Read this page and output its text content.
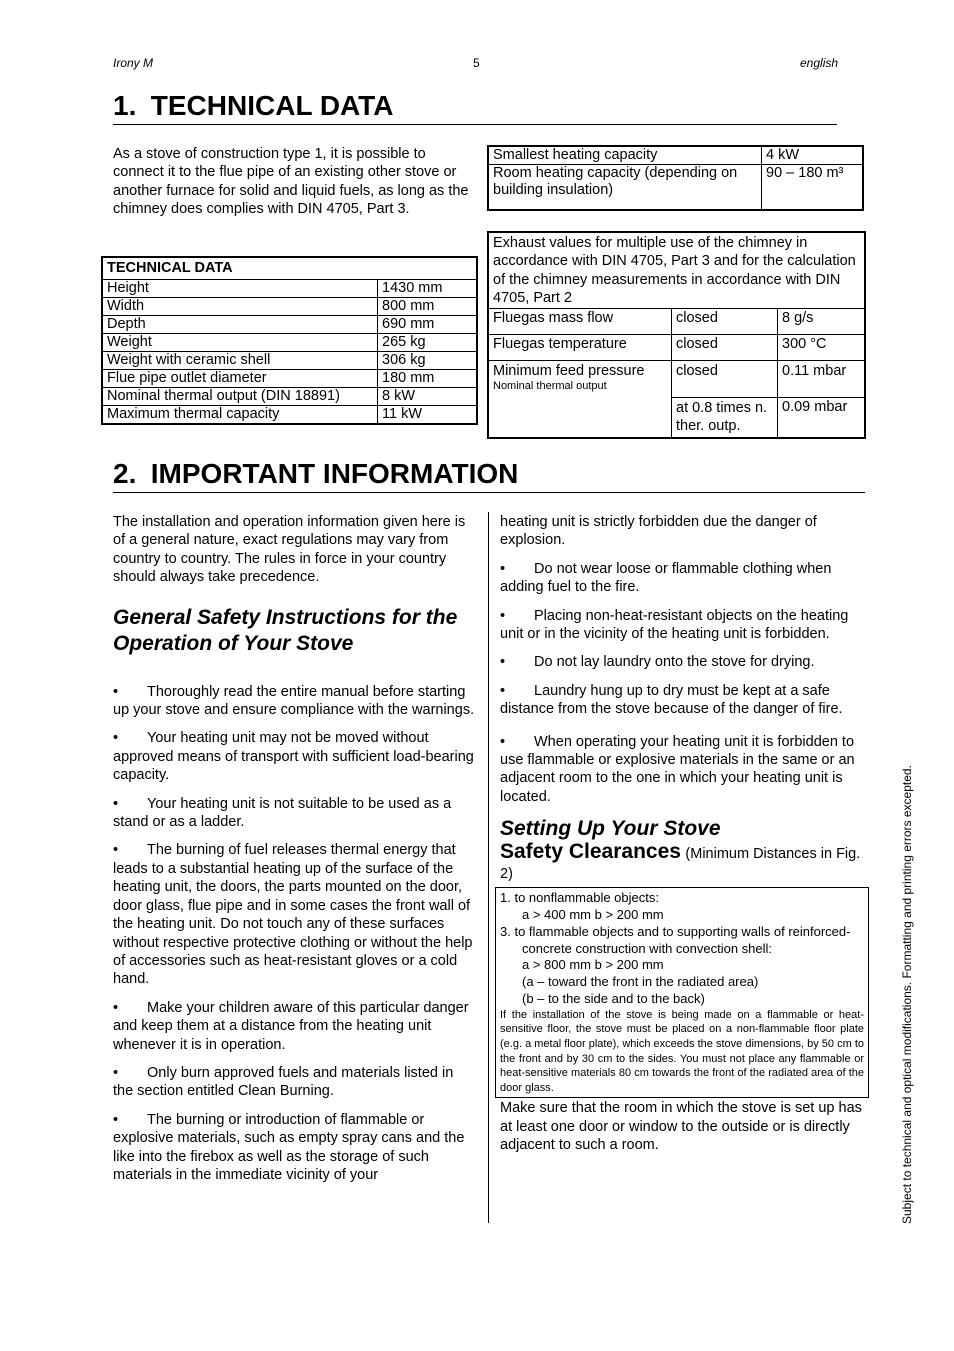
Irony M	5	english
1. TECHNICAL DATA
As a stove of construction type 1, it is possible to connect it to the flue pipe of an existing other stove or another furnace for solid and liquid fuels, as long as the chimney does complies with DIN 4705, Part 3.
TECHNICAL DATA	
Height	1430 mm
Width	800 mm
Depth	690 mm
Weight	265 kg
Weight with ceramic shell	306 kg
Flue pipe outlet diameter	180 mm
Nominal thermal output (DIN 18891)	8 kW
Maximum thermal capacity	11 kW
Smallest heating capacity	4 kW
Room heating capacity (depending on building insulation)	90 – 180 m³
Exhaust values for multiple use of the chimney in accordance with DIN 4705, Part 3 and for the calculation of the chimney measurements in accordance with DIN 4705, Part 2		
Fluegas mass flow	closed	8 g/s
Fluegas temperature	closed	300 °C

Minimum feed pressure
Nominal thermal output	closed	0.11 mbar
	at 0.8 times n. ther. outp.	0.09 mbar
2. IMPORTANT INFORMATION
The installation and operation information given here is of a general nature, exact regulations may vary from country to country. The rules in force in your country should always take precedence.
General Safety Instructions for the Operation of Your Stove
• Thoroughly read the entire manual before starting up your stove and ensure compliance with the warnings.
• Your heating unit may not be moved without approved means of transport with sufficient load-bearing capacity.
• Your heating unit is not suitable to be used as a stand or as a ladder.
• The burning of fuel releases thermal energy that leads to a substantial heating up of the surface of the heating unit, the doors, the parts mounted on the door, door glass, flue pipe and in some cases the front wall of the heating unit. Do not touch any of these surfaces without respective protective clothing or without the help of accessories such as heat-resistant gloves or a cold hand.
• Make your children aware of this particular danger and keep them at a distance from the heating unit whenever it is in operation.
• Only burn approved fuels and materials listed in the section entitled Clean Burning.
• The burning or introduction of flammable or explosive materials, such as empty spray cans and the like into the firebox as well as the storage of such materials in the immediate vicinity of your
heating unit is strictly forbidden due the danger of explosion.
• Do not wear loose or flammable clothing when adding fuel to the fire.
• Placing non-heat-resistant objects on the heating unit or in the vicinity of the heating unit is forbidden.
• Do not lay laundry onto the stove for drying.
• Laundry hung up to dry must be kept at a safe distance from the stove because of the danger of fire.
• When operating your heating unit it is forbidden to use flammable or explosive materials in the same or an adjacent room to the one in which your heating unit is located.
Setting Up Your Stove
Safety Clearances (Minimum Distances in Fig. 2)
1. to nonflammable objects:
a > 400 mm b > 200 mm
3. to flammable objects and to supporting walls of reinforced-concrete construction with convection shell:
a > 800 mm b > 200 mm
(a – toward the front in the radiated area)
(b – to the side and to the back)
If the installation of the stove is being made on a flammable or heat-sensitive floor, the stove must be placed on a non-flammable floor plate (e.g. a metal floor plate), which exceeds the stove dimensions, by 50 cm to the front and by 30 cm to the sides. You must not place any flammable or heat-sensitive materials 80 cm towards the front of the radiated area of the door glass.
Make sure that the room in which the stove is set up has at least one door or window to the outside or is directly adjacent to such a room.	Subject to technical and optical modifications. Formatting and printing errors excepted.
